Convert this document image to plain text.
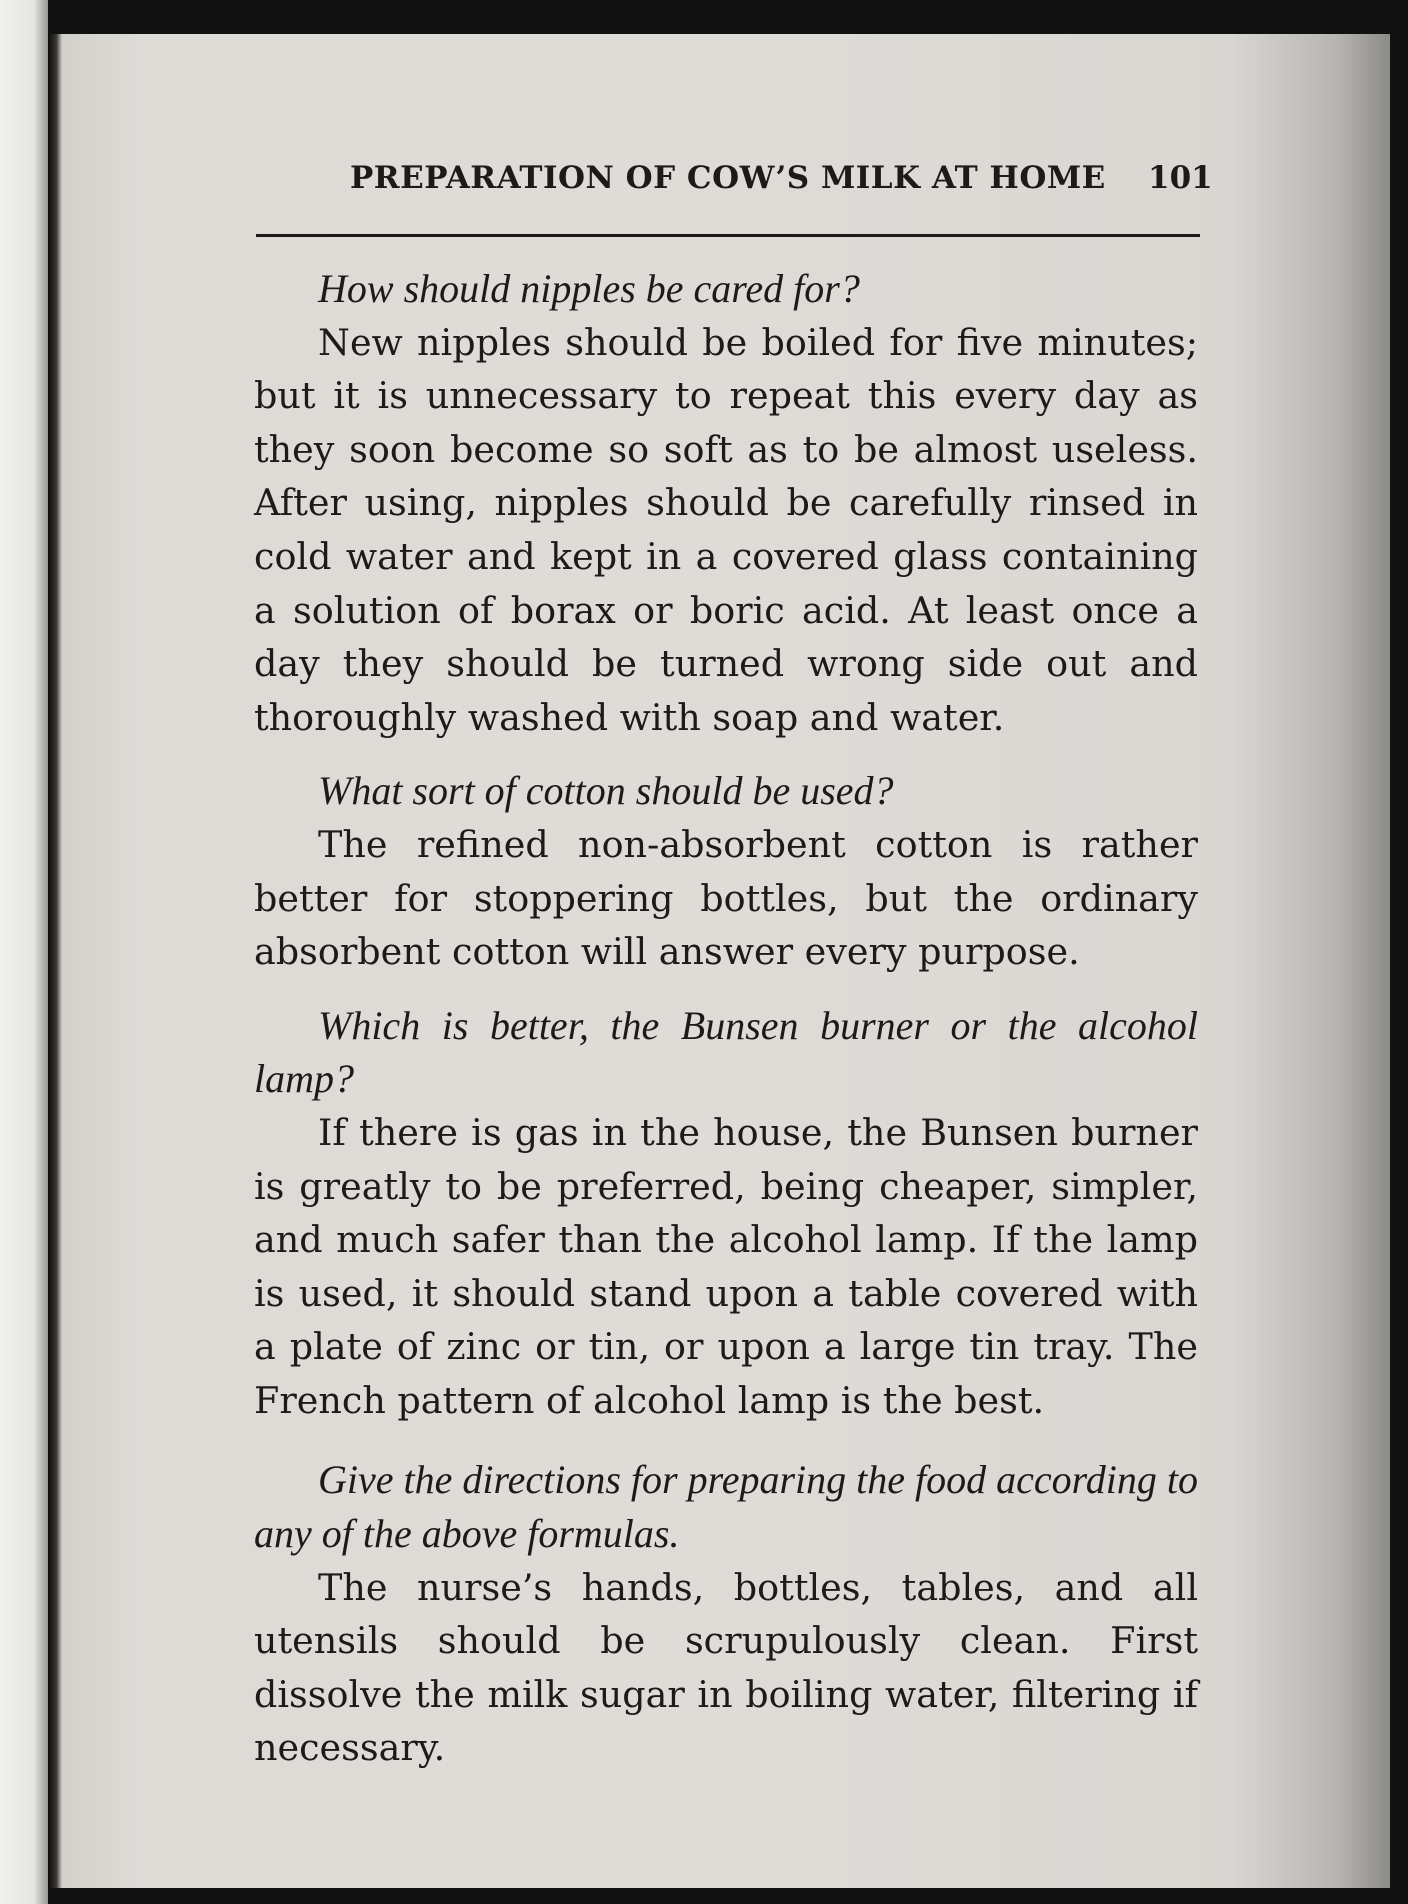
PREPARATION OF COW’S MILK AT HOME	101

How should nipples be cared for?

New nipples should be boiled for five minutes; but it is unnecessary to repeat this every day as they soon become so soft as to be almost useless. After using, nipples should be carefully rinsed in cold water and kept in a covered glass containing a solution of borax or boric acid. At least once a day they should be turned wrong side out and thoroughly washed with soap and water.

What sort of cotton should be used?

The refined non-absorbent cotton is rather better for stoppering bottles, but the ordinary absorbent cotton will answer every purpose.

Which is better, the Bunsen burner or the alcohol lamp?

If there is gas in the house, the Bunsen burner is greatly to be preferred, being cheaper, simpler, and much safer than the alcohol lamp. If the lamp is used, it should stand upon a table covered with a plate of zinc or tin, or upon a large tin tray. The French pattern of alcohol lamp is the best.

Give the directions for preparing the food according to any of the above formulas.

The nurse’s hands, bottles, tables, and all utensils should be scrupulously clean. First dissolve the milk sugar in boiling water, filtering if necessary.
